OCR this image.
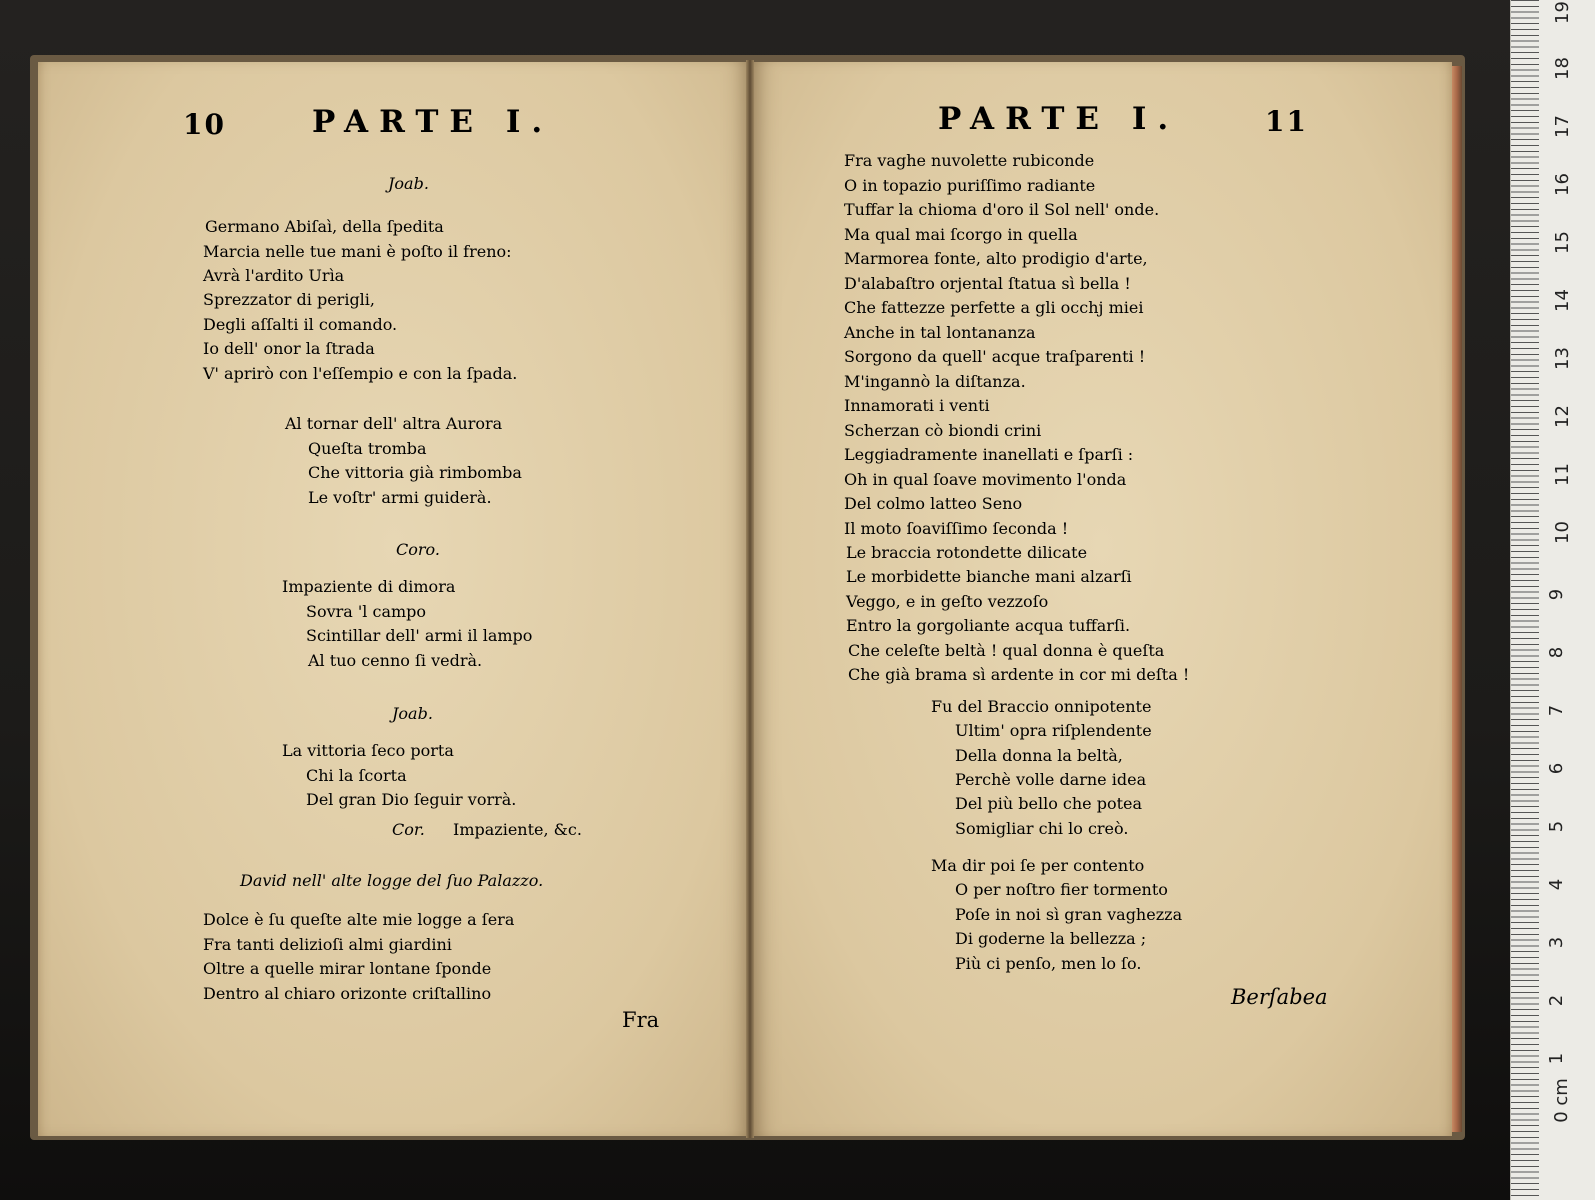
10	PARTE I.
Joab.
Germano Abiſaì, della ſpedita
Marcia nelle tue mani è poſto il freno:
Avrà l'ardito Urìa
Sprezzator di perigli,
Degli aſſalti il comando.
Io dell' onor la ſtrada
V' aprirò con l'eſſempio e con la ſpada.
Al tornar dell' altra Aurora
Queſta tromba
Che vittoria già rimbomba
Le voſtr' armi guiderà.
Coro.
Impaziente di dimora
Sovra 'l campo
Scintillar dell' armi il lampo
Al tuo cenno ſi vedrà.
Joab.
La vittoria ſeco porta
Chi la ſcorta
Del gran Dio ſeguir vorrà.
Cor. Impaziente, &c.
David nell' alte logge del ſuo Palazzo.
Dolce è ſu queſte alte mie logge a ſera
Fra tanti delizioſi almi giardini
Oltre a quelle mirar lontane ſponde
Dentro al chiaro orizonte criſtallino
Fra
PARTE I.	11
Fra vaghe nuvolette rubiconde
O in topazio puriſſimo radiante
Tuffar la chioma d'oro il Sol nell' onde.
Ma qual mai ſcorgo in quella
Marmorea fonte, alto prodigio d'arte,
D'alabaſtro orjental ſtatua sì bella !
Che fattezze perfette a gli occhj miei
Anche in tal lontananza
Sorgono da quell' acque traſparenti !
M'ingannò la diſtanza.
Innamorati i venti
Scherzan cò biondi crini
Leggiadramente inanellati e ſparſi :
Oh in qual ſoave movimento l'onda
Del colmo latteo Seno
Il moto ſoaviſſimo ſeconda !
Le braccia rotondette dilicate
Le morbidette bianche mani alzarſi
Veggo, e in geſto vezzoſo
Entro la gorgoliante acqua tuffarſi.
Che celeſte beltà ! qual donna è queſta
Che già brama sì ardente in cor mi deſta !
Fu del Braccio onnipotente
Ultim' opra riſplendente
Della donna la beltà,
Perchè volle darne idea
Del più bello che potea
Somigliar chi lo creò.
Ma dir poi ſe per contento
O per noſtro fier tormento
Poſe in noi sì gran vaghezza
Di goderne la bellezza ;
Più ci penſo, men lo ſo.
Berſabea
0 cm
1
2
3
4
5
6
7
8
9
10
11
12
13
14
15
16
17
18
19
